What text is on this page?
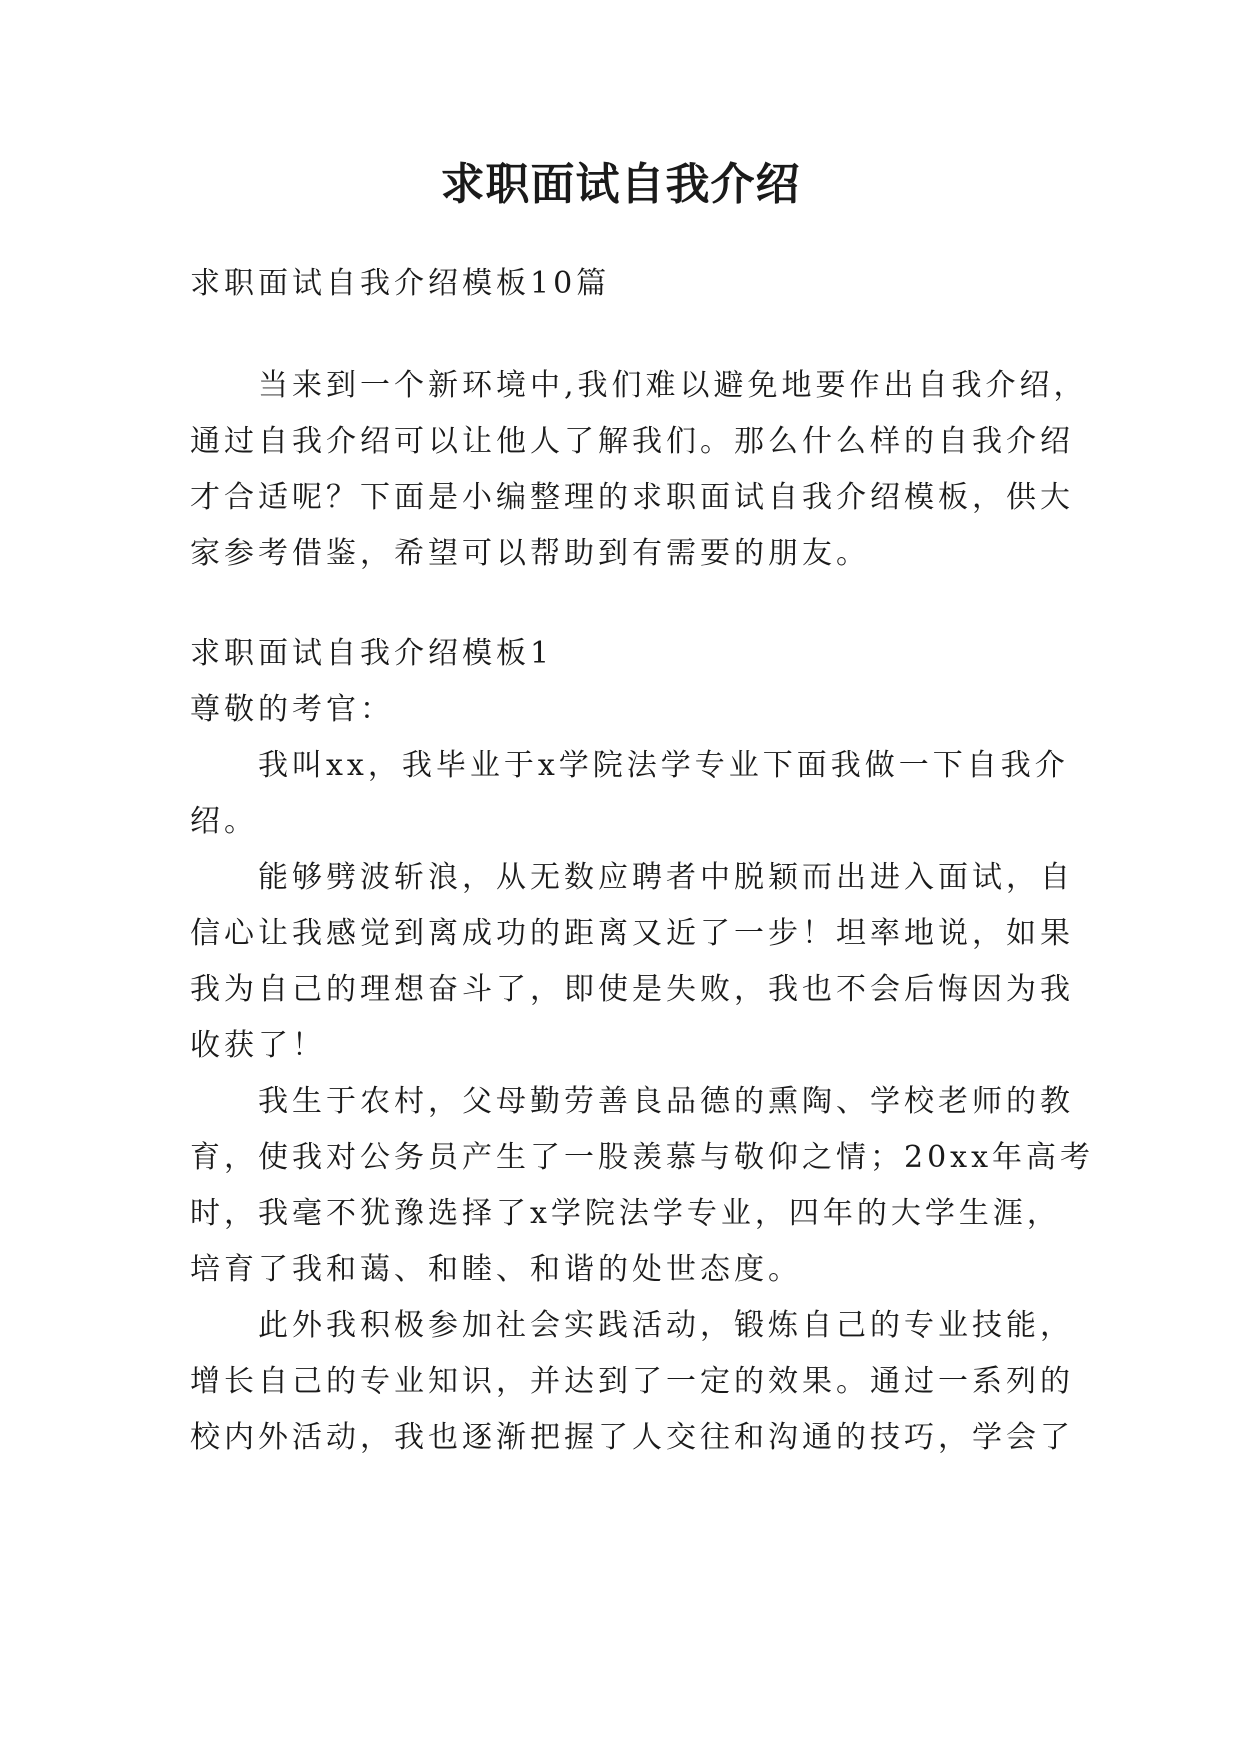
求职面试自我介绍
求职面试自我介绍模板10篇
当来到一个新环境中,我们难以避免地要作出自我介绍，
通过自我介绍可以让他人了解我们。那么什么样的自我介绍
才合适呢？下面是小编整理的求职面试自我介绍模板，供大
家参考借鉴，希望可以帮助到有需要的朋友。
求职面试自我介绍模板1
尊敬的考官：
我叫xx，我毕业于x学院法学专业下面我做一下自我介
绍。
能够劈波斩浪，从无数应聘者中脱颖而出进入面试，自
信心让我感觉到离成功的距离又近了一步！坦率地说，如果
我为自己的理想奋斗了，即使是失败，我也不会后悔因为我
收获了！
我生于农村，父母勤劳善良品德的熏陶、学校老师的教
育，使我对公务员产生了一股羡慕与敬仰之情；20xx年高考
时，我毫不犹豫选择了x学院法学专业，四年的大学生涯，
培育了我和蔼、和睦、和谐的处世态度。
此外我积极参加社会实践活动，锻炼自己的专业技能，
增长自己的专业知识，并达到了一定的效果。通过一系列的
校内外活动，我也逐渐把握了人交往和沟通的技巧，学会了
